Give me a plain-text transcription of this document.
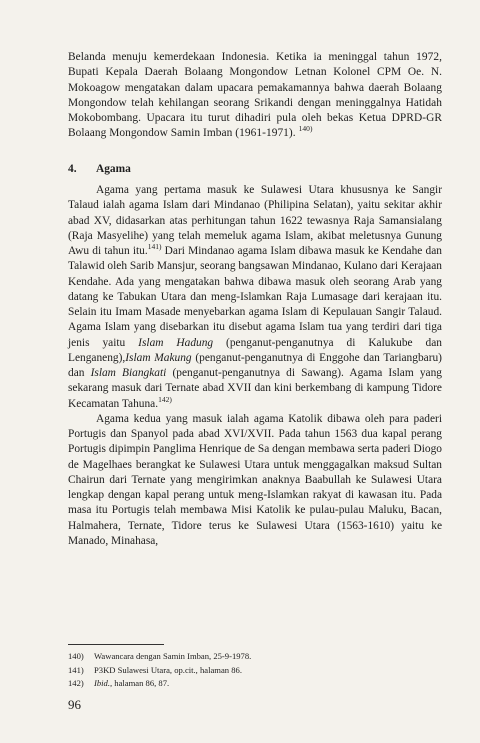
Belanda menuju kemerdekaan Indonesia. Ketika ia meninggal tahun 1972, Bupati Kepala Daerah Bolaang Mongondow Letnan Kolonel CPM Oe. N. Mokoagow mengatakan dalam upacara pemakamannya bahwa daerah Bolaang Mongondow telah kehilangan seorang Srikandi dengan meninggalnya Hatidah Mokobombang. Upacara itu turut dihadiri pula oleh bekas Ketua DPRD-GR Bolaang Mongondow Samin Imban (1961-1971). $^{140)}$

4. Agama

Agama yang pertama masuk ke Sulawesi Utara khususnya ke Sangir Talaud ialah agama Islam dari Mindanao (Philipina Selatan), yaitu sekitar akhir abad XV, didasarkan atas perhitungan tahun 1622 tewasnya Raja Samansialang (Raja Masyelihe) yang telah memeluk agama Islam, akibat meletusnya Gunung Awu di tahun itu.$^{141)}$ Dari Mindanao agama Islam dibawa masuk ke Kendahe dan Talawid oleh Sarib Mansjur, seorang bangsawan Mindanao, Kulano dari Kerajaan Kendahe. Ada yang mengatakan bahwa dibawa masuk oleh seorang Arab yang datang ke Tabukan Utara dan meng-Islamkan Raja Lumasage dari kerajaan itu. Selain itu Imam Masade menyebarkan agama Islam di Kepulauan Sangir Talaud. Agama Islam yang disebarkan itu disebut agama Islam tua yang terdiri dari tiga jenis yaitu Islam Hadung (penganut-penganutnya di Kalukube dan Lenganeng),Islam Makung (penganut-penganutnya di Enggohe dan Tariangbaru) dan Islam Biangkati (penganut-penganutnya di Sawang). Agama Islam yang sekarang masuk dari Ternate abad XVII dan kini berkembang di kampung Tidore Kecamatan Tahuna.$^{142)}$

Agama kedua yang masuk ialah agama Katolik dibawa oleh para paderi Portugis dan Spanyol pada abad XVI/XVII. Pada tahun 1563 dua kapal perang Portugis dipimpin Panglima Henrique de Sa dengan membawa serta paderi Diogo de Magelhaes berangkat ke Sulawesi Utara untuk menggagalkan maksud Sultan Chairun dari Ternate yang mengirimkan anaknya Baabullah ke Sulawesi Utara lengkap dengan kapal perang untuk meng-Islamkan rakyat di kawasan itu. Pada masa itu Portugis telah membawa Misi Katolik ke pulau-pulau Maluku, Bacan, Halmahera, Ternate, Tidore terus ke Sulawesi Utara (1563-1610) yaitu ke Manado, Minahasa,

140)	Wawancara dengan Samin Imban, 25-9-1978.
141)	P3KD Sulawesi Utara, op.cit., halaman 86.
142)	Ibid., halaman 86, 87.
96
